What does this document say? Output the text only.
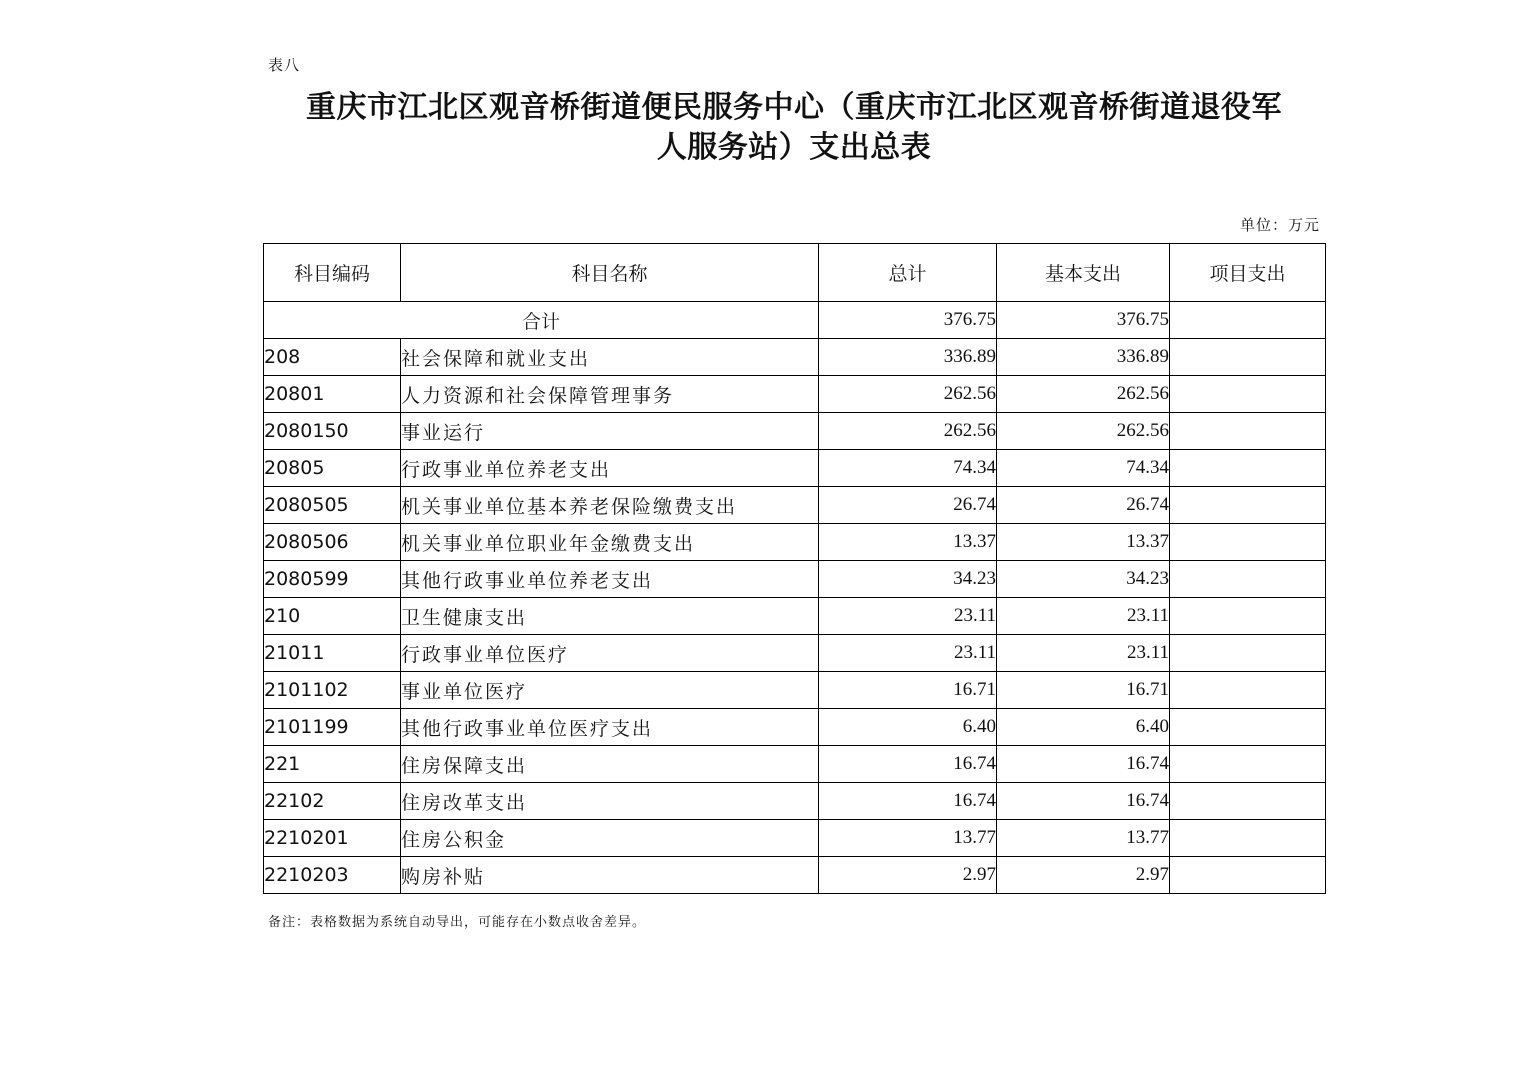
表八
重庆市江北区观音桥街道便民服务中心（重庆市江北区观音桥街道退役军
人服务站）支出总表
单位：万元
科目编码	科目名称	总计	基本支出	项目支出
合计		376.75	376.75	
208	社会保障和就业支出	336.89	336.89	
20801	人力资源和社会保障管理事务	262.56	262.56	
2080150	事业运行	262.56	262.56	
20805	行政事业单位养老支出	74.34	74.34	
2080505	机关事业单位基本养老保险缴费支出	26.74	26.74	
2080506	机关事业单位职业年金缴费支出	13.37	13.37	
2080599	其他行政事业单位养老支出	34.23	34.23	
210	卫生健康支出	23.11	23.11	
21011	行政事业单位医疗	23.11	23.11	
2101102	事业单位医疗	16.71	16.71	
2101199	其他行政事业单位医疗支出	6.40	6.40	
221	住房保障支出	16.74	16.74	
22102	住房改革支出	16.74	16.74	
2210201	住房公积金	13.77	13.77	
2210203	购房补贴	2.97	2.97	
备注：表格数据为系统自动导出，可能存在小数点收舍差异。
